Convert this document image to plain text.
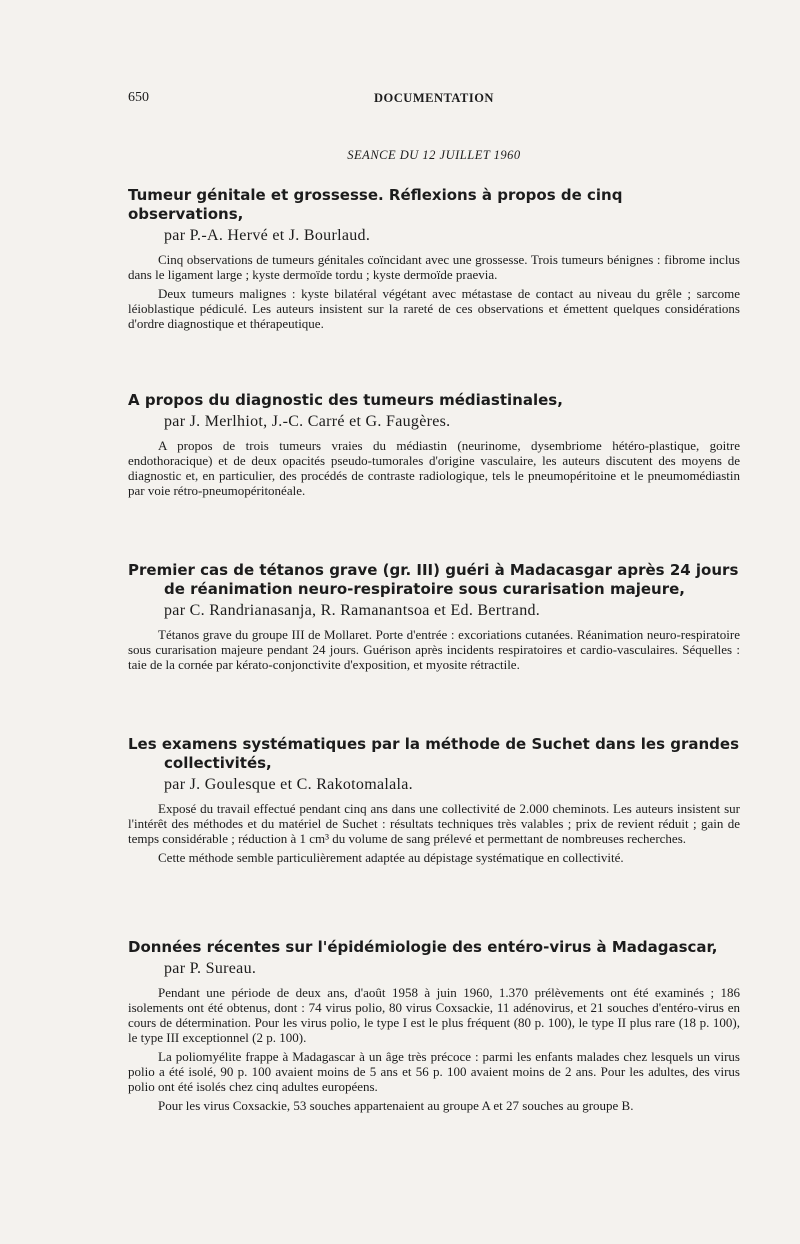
650	DOCUMENTATION
SEANCE DU 12 JUILLET 1960
Tumeur génitale et grossesse. Réflexions à propos de cinq observations,
par P.-A. Hervé et J. Bourlaud.

Cinq observations de tumeurs génitales coïncidant avec une grossesse. Trois tumeurs bénignes : fibrome inclus dans le ligament large ; kyste dermoïde tordu ; kyste dermoïde praevia.

Deux tumeurs malignes : kyste bilatéral végétant avec métastase de contact au niveau du grêle ; sarcome léioblastique pédiculé. Les auteurs insistent sur la rareté de ces observations et émettent quelques considérations d'ordre diagnostique et thérapeutique.

A propos du diagnostic des tumeurs médiastinales,
par J. Merlhiot, J.-C. Carré et G. Faugères.

A propos de trois tumeurs vraies du médiastin (neurinome, dysembriome hétéro-plastique, goitre endothoracique) et de deux opacités pseudo-tumorales d'origine vasculaire, les auteurs discutent des moyens de diagnostic et, en particulier, des procédés de contraste radiologique, tels le pneumopéritoine et le pneumomédiastin par voie rétro-pneumopéritonéale.

Premier cas de tétanos grave (gr. III) guéri à Madacasgar après 24 jours
de réanimation neuro-respiratoire sous curarisation majeure,
par C. Randrianasanja, R. Ramanantsoa et Ed. Bertrand.

Tétanos grave du groupe III de Mollaret. Porte d'entrée : excoriations cutanées. Réanimation neuro-respiratoire sous curarisation majeure pendant 24 jours. Guérison après incidents respiratoires et cardio-vasculaires. Séquelles : taie de la cornée par kérato-conjonctivite d'exposition, et myosite rétractile.

Les examens systématiques par la méthode de Suchet dans les grandes
collectivités,
par J. Goulesque et C. Rakotomalala.

Exposé du travail effectué pendant cinq ans dans une collectivité de 2.000 cheminots. Les auteurs insistent sur l'intérêt des méthodes et du matériel de Suchet : résultats techniques très valables ; prix de revient réduit ; gain de temps considérable ; réduction à 1 cm³ du volume de sang prélevé et permettant de nombreuses recherches.

Cette méthode semble particulièrement adaptée au dépistage systématique en collectivité.

Données récentes sur l'épidémiologie des entéro-virus à Madagascar,
par P. Sureau.

Pendant une période de deux ans, d'août 1958 à juin 1960, 1.370 prélèvements ont été examinés ; 186 isolements ont été obtenus, dont : 74 virus polio, 80 virus Coxsackie, 11 adénovirus, et 21 souches d'entéro-virus en cours de détermination. Pour les virus polio, le type I est le plus fréquent (80 p. 100), le type II plus rare (18 p. 100), le type III exceptionnel (2 p. 100).

La poliomyélite frappe à Madagascar à un âge très précoce : parmi les enfants malades chez lesquels un virus polio a été isolé, 90 p. 100 avaient moins de 5 ans et 56 p. 100 avaient moins de 2 ans. Pour les adultes, des virus polio ont été isolés chez cinq adultes européens.

Pour les virus Coxsackie, 53 souches appartenaient au groupe A et 27 souches au groupe B.
